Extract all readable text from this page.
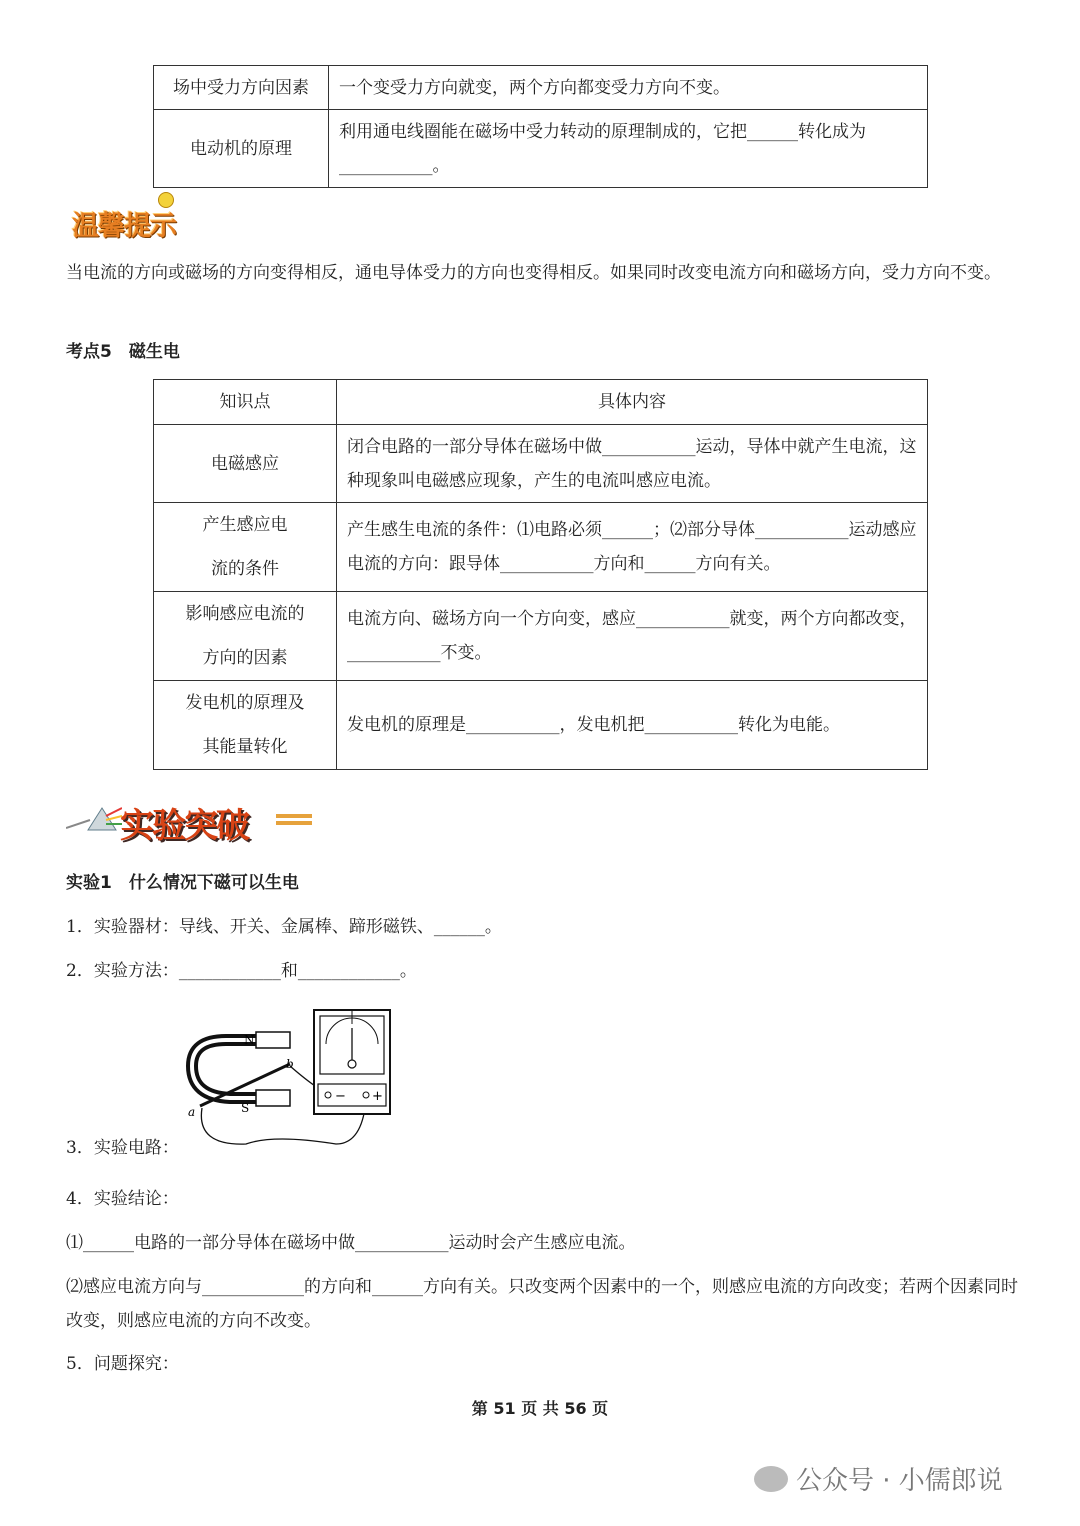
场中受力方向因素	一个变受力方向就变，两个方向都变受力方向不变。
电动机的原理	利用通电线圈能在磁场中受力转动的原理制成的，它把______转化成为___________。
温馨提示
当电流的方向或磁场的方向变得相反，通电导体受力的方向也变得相反。如果同时改变电流方向和磁场方向，受力方向不变。
考点5　磁生电
知识点	具体内容
电磁感应	闭合电路的一部分导体在磁场中做___________运动，导体中就产生电流，这种现象叫电磁感应现象，产生的电流叫感应电流。

产生感应电流的条件	产生感生电流的条件：⑴电路必须______；⑵部分导体___________运动感应电流的方向：跟导体___________方向和______方向有关。

影响感应电流的方向的因素	电流方向、磁场方向一个方向变，感应___________就变，两个方向都改变，___________不变。

发电机的原理及其能量转化	发电机的原理是___________，发电机把___________转化为电能。
实验突破
实验1　什么情况下磁可以生电
1．实验器材：导线、开关、金属棒、蹄形磁铁、______。
2．实验方法：____________和____________。
N
S
a
b
− +
3．实验电路：
4．实验结论：
⑴______电路的一部分导体在磁场中做___________运动时会产生感应电流。
⑵感应电流方向与____________的方向和______方向有关。只改变两个因素中的一个，则感应电流的方向改变；若两个因素同时改变，则感应电流的方向不改变。
5．问题探究：
第 51 页 共 56 页
公众号 · 小儒郎说
